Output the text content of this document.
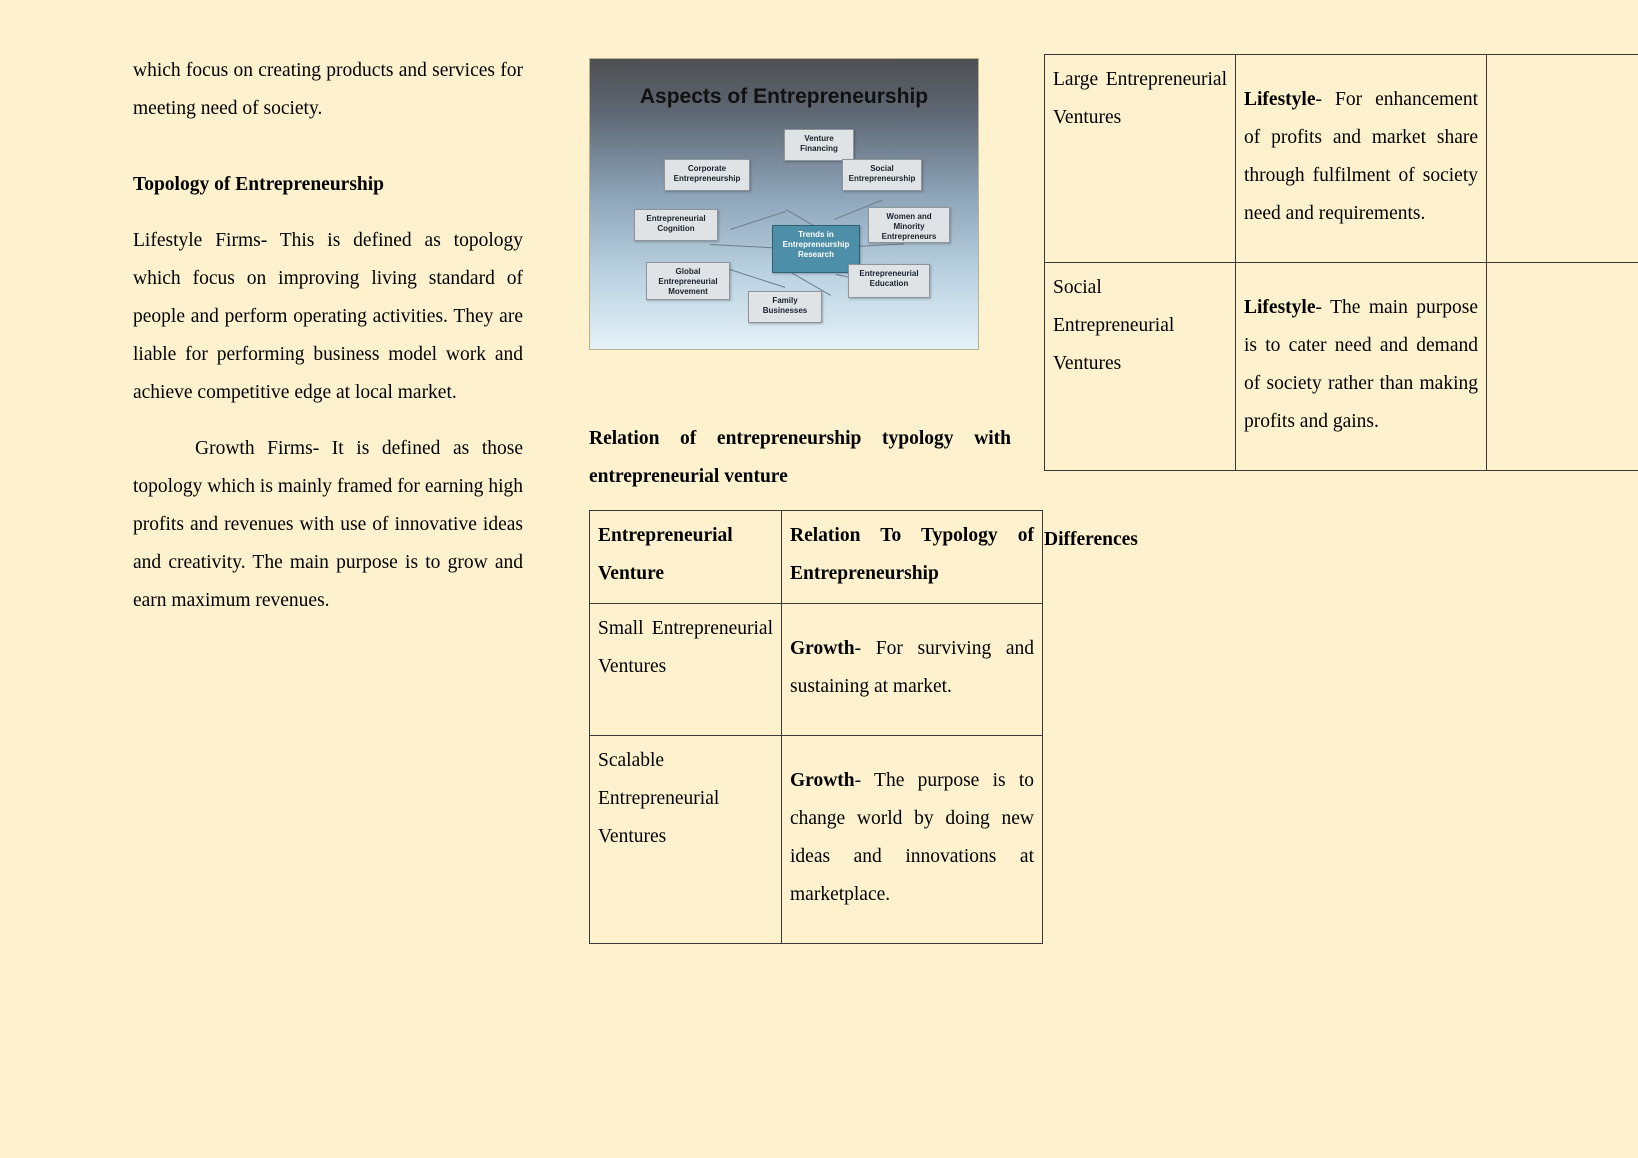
which focus on creating products and services for meeting need of society.

Topology of Entrepreneurship

Lifestyle Firms- This is defined as topology which focus on improving living standard of people and perform operating activities. They are liable for performing business model work and achieve competitive edge at local market.

Growth Firms- It is defined as those topology which is mainly framed for earning high profits and revenues with use of innovative ideas and creativity. The main purpose is to grow and earn maximum revenues.

Aspects of Entrepreneurship
Trends in Entrepreneurship Research
Venture Financing
Corporate Entrepreneurship
Social Entrepreneurship
Entrepreneurial Cognition
Women and Minority Entrepreneurs
Global Entrepreneurial Movement
Entrepreneurial Education
Family Businesses

Relation of entrepreneurship typology with entrepreneurial venture

Entrepreneurial Venture	Relation To Typology of Entrepreneurship
Small Entrepreneurial Ventures	Growth- For surviving and sustaining at market.

Scalable Entrepreneurial Ventures	Growth- The purpose is to change world by doing new ideas and innovations at marketplace.

Large Entrepreneurial Ventures	Lifestyle- For enhancement of profits and market share through fulfilment of society need and requirements.	

Social Entrepreneurial Ventures	Lifestyle- The main purpose is to cater need and demand of society rather than making profits and gains.	

Differences
